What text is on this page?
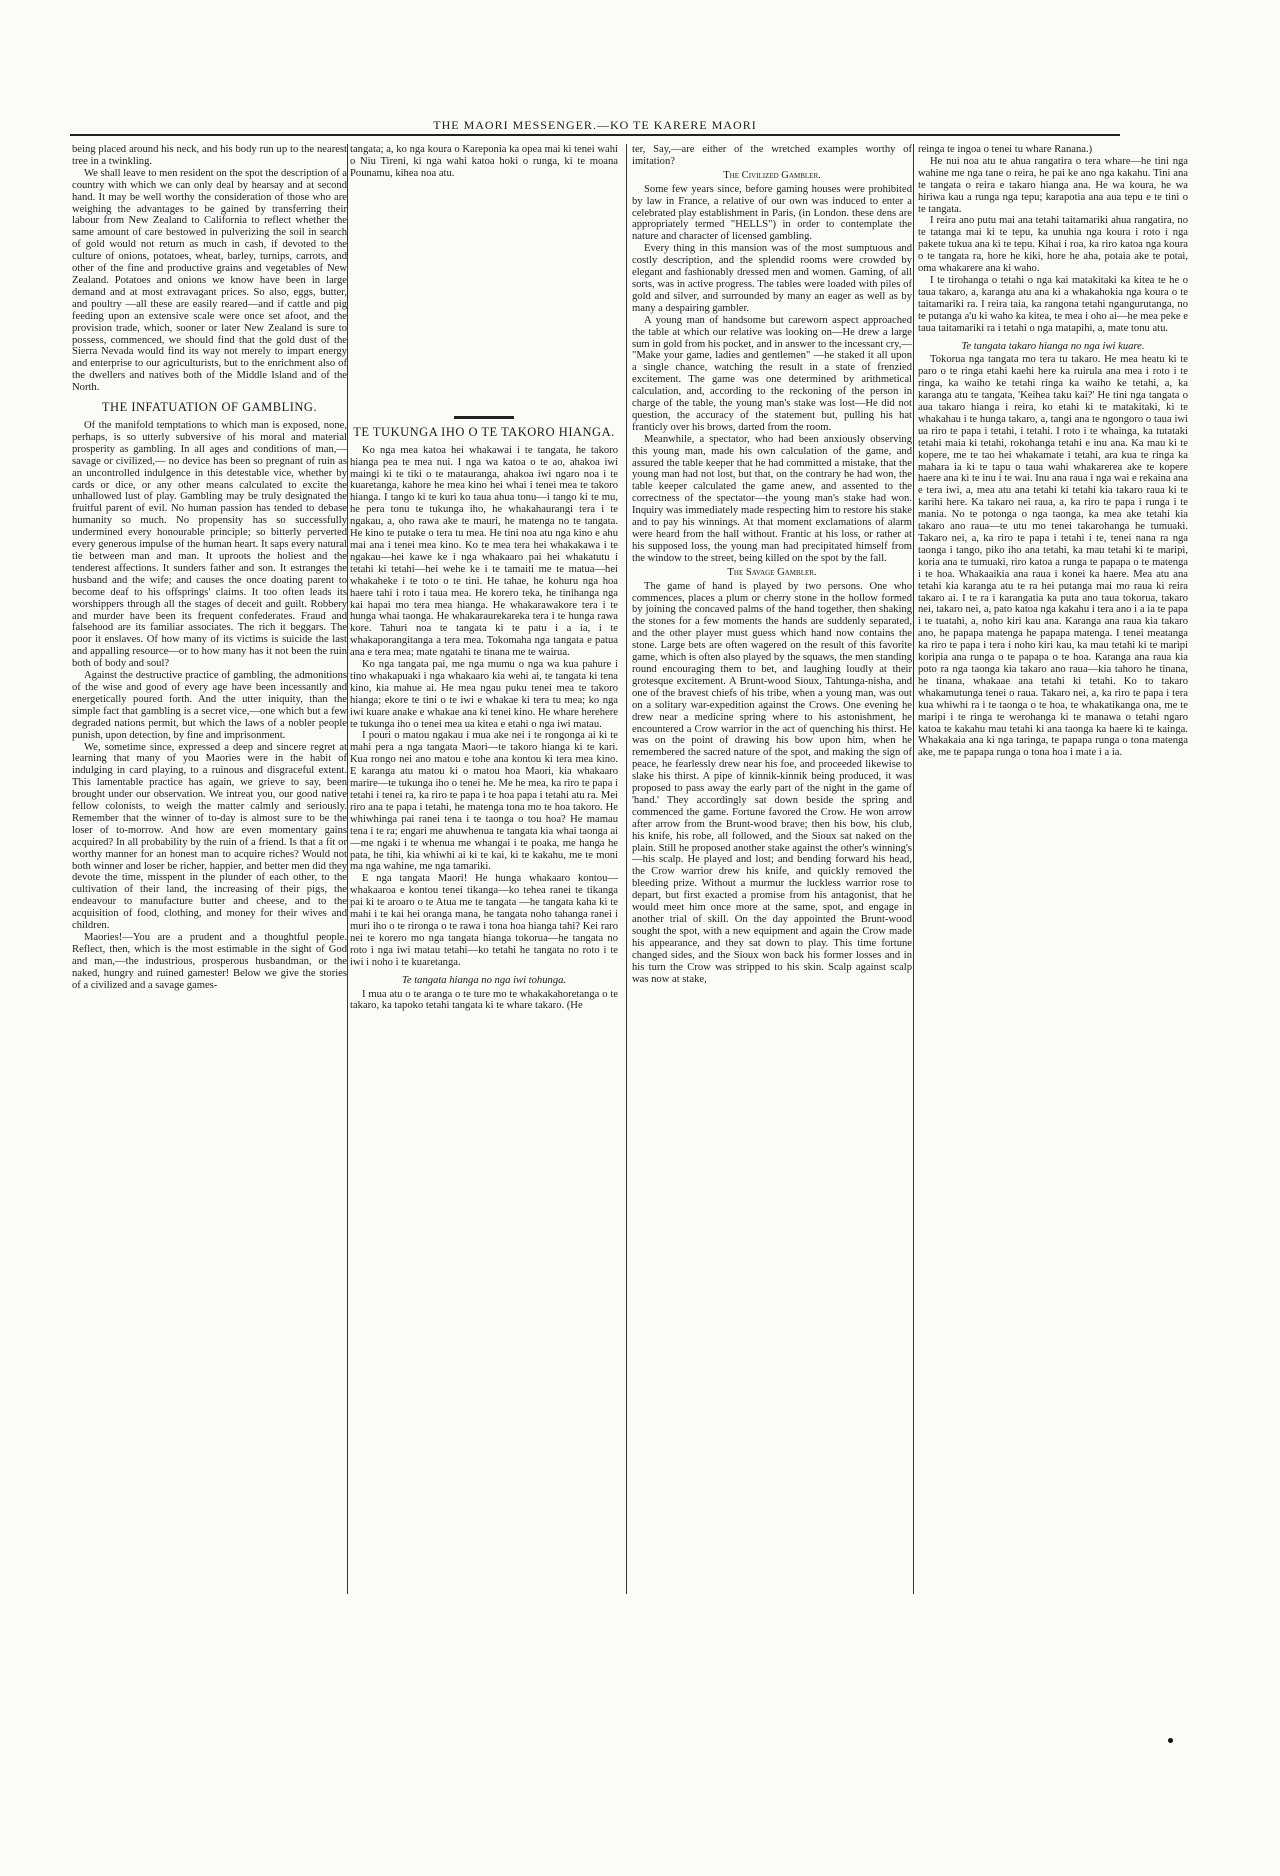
THE MAORI MESSENGER.—KO TE KARERE MAORI

being placed around his neck, and his body run up to the nearest tree in a twinkling.

We shall leave to men resident on the spot the description of a country with which we can only deal by hearsay and at second hand. It may be well worthy the consideration of those who are weighing the advantages to be gained by transferring their labour from New Zealand to California to reflect whether the same amount of care bestowed in pulverizing the soil in search of gold would not return as much in cash, if devoted to the culture of onions, potatoes, wheat, barley, turnips, carrots, and other of the fine and productive grains and vegetables of New Zealand. Potatoes and onions we know have been in large demand and at most extravagant prices. So also, eggs, butter, and poultry —all these are easily reared—and if cattle and pig feeding upon an extensive scale were once set afoot, and the provision trade, which, sooner or later New Zealand is sure to possess, commenced, we should find that the gold dust of the Sierra Nevada would find its way not merely to impart energy and enterprise to our agriculturists, but to the enrichment also of the dwellers and natives both of the Middle Island and of the North.

THE INFATUATION OF GAMBLING.

Of the manifold temptations to which man is exposed, none, perhaps, is so utterly subversive of his moral and material prosperity as gambling. In all ages and conditions of man,—savage or civilized,— no device has been so pregnant of ruin as an uncontrolled indulgence in this detestable vice, whether by cards or dice, or any other means calculated to excite the unhallowed lust of play. Gambling may be truly designated the fruitful parent of evil. No human passion has tended to debase humanity so much. No propensity has so successfully undermined every honourable principle; so bitterly perverted every generous impulse of the human heart. It saps every natural tie between man and man. It uproots the holiest and the tenderest affections. It sunders father and son. It estranges the husband and the wife; and causes the once doating parent to become deaf to his offsprings' claims. It too often leads its worshippers through all the stages of deceit and guilt. Robbery and murder have been its frequent confederates. Fraud and falsehood are its familiar associates. The rich it beggars. The poor it enslaves. Of how many of its victims is suicide the last and appalling resource—or to how many has it not been the ruin both of body and soul?

Against the destructive practice of gambling, the admonitions of the wise and good of every age have been incessantly and energetically poured forth. And the utter iniquity, than the simple fact that gambling is a secret vice,—one which but a few degraded nations permit, but which the laws of a nobler people punish, upon detection, by fine and imprisonment.

We, sometime since, expressed a deep and sincere regret at learning that many of you Maories were in the habit of indulging in card playing, to a ruinous and disgraceful extent. This lamentable practice has again, we grieve to say, been brought under our observation. We intreat you, our good native fellow colonists, to weigh the matter calmly and seriously. Remember that the winner of to-day is almost sure to be the loser of to-morrow. And how are even momentary gains acquired? In all probability by the ruin of a friend. Is that a fit or worthy manner for an honest man to acquire riches? Would not both winner and loser be richer, happier, and better men did they devote the time, misspent in the plunder of each other, to the cultivation of their land, the increasing of their pigs, the endeavour to manufacture butter and cheese, and to the acquisition of food, clothing, and money for their wives and children.

Maories!—You are a prudent and a thoughtful people. Reflect, then, which is the most estimable in the sight of God and man,—the industrious, prosperous husbandman, or the naked, hungry and ruined gamester! Below we give the stories of a civilized and a savage games-

tangata; a, ko nga koura o Kareponia ka opea mai ki tenei wahi o Niu Tireni, ki nga wahi katoa hoki o runga, ki te moana Pounamu, kihea noa atu.

TE TUKUNGA IHO O TE TAKORO HIANGA.

Ko nga mea katoa hei whakawai i te tangata, he takoro hianga pea te mea nui. I nga wa katoa o te ao, ahakoa iwi maingi ki te tiki o te matauranga, ahakoa iwi ngaro noa i te kuaretanga, kahore he mea kino hei whai i tenei mea te takoro hianga. I tango ki te kuri ko taua ahua tonu—i tango ki te mu, he pera tonu te tukunga iho, he whakahaurangi tera i te ngakau, a, oho rawa ake te mauri, he matenga no te tangata. He kino te putake o tera tu mea. He tini noa atu nga kino e ahu mai ana i tenei mea kino. Ko te mea tera hei whakakawa i te ngakau—hei kawe ke i nga whakaaro pai hei whakatutu i tetahi ki tetahi—hei wehe ke i te tamaiti me te matua—hei whakaheke i te toto o te tini. He tahae, he kohuru nga hoa haere tahi i roto i taua mea. He korero teka, he tinihanga nga kai hapai mo tera mea hianga. He whakarawakore tera i te hunga whai taonga. He whakaraurekareka tera i te hunga rawa kore. Tahuri noa te tangata ki te patu i a ia, i te whakaporangitanga a tera mea. Tokomaha nga tangata e patua ana e tera mea; mate ngatahi te tinana me te wairua.

Ko nga tangata pai, me nga mumu o nga wa kua pahure i tino whakapuaki i nga whakaaro kia wehi ai, te tangata ki tena kino, kia mahue ai. He mea ngau puku tenei mea te takoro hianga; ekore te tini o te iwi e whakae ki tera tu mea; ko nga iwi kuare anake e whakae ana ki tenei kino. He whare herehere te tukunga iho o tenei mea ua kitea e etahi o nga iwi matau.

I pouri o matou ngakau i mua ake nei i te rongonga ai ki te mahi pera a nga tangata Maori—te takoro hianga ki te kari. Kua rongo nei ano matou e tohe ana kontou ki tera mea kino. E karanga atu matou ki o matou hoa Maori, kia whakaaro marire—te tukunga iho o tenei he. Me he mea, ka riro te papa i tetahi i tenei ra, ka riro te papa i te hoa papa i tetahi atu ra. Mei riro ana te papa i tetahi, he matenga tona mo te hoa takoro. He whiwhinga pai ranei tena i te taonga o tou hoa? He mamau tena i te ra; engari me ahuwhenua te tangata kia whai taonga ai—me ngaki i te whenua me whangai i te poaka, me hanga he pata, he tihi, kia whiwhi ai ki te kai, ki te kakahu, me te moni ma nga wahine, me nga tamariki.

E nga tangata Maori! He hunga whakaaro kontou—whakaaroa e kontou tenei tikanga—ko tehea ranei te tikanga pai ki te aroaro o te Atua me te tangata —he tangata kaha ki te mahi i te kai hei oranga mana, he tangata noho tahanga ranei i muri iho o te rironga o te rawa i tona hoa hianga tahi? Kei raro nei te korero mo nga tangata hianga tokorua—he tangata no roto i nga iwi matau tetahi—ko tetahi he tangata no roto i te iwi i noho i te kuaretanga.

Te tangata hianga no nga iwi tohunga.

I mua atu o te aranga o te ture mo te whakakahoretanga o te takaro, ka tapoko tetahi tangata ki te whare takaro. (He

ter, Say,—are either of the wretched examples worthy of imitation?

The Civilized Gambler.

Some few years since, before gaming houses were prohibited by law in France, a relative of our own was induced to enter a celebrated play establishment in Paris, (in London. these dens are appropriately termed "HELLS") in order to contemplate the nature and character of licensed gambling.

Every thing in this mansion was of the most sumptuous and costly description, and the splendid rooms were crowded by elegant and fashionably dressed men and women. Gaming, of all sorts, was in active progress. The tables were loaded with piles of gold and silver, and surrounded by many an eager as well as by many a despairing gambler.

A young man of handsome but careworn aspect approached the table at which our relative was looking on—He drew a large sum in gold from his pocket, and in answer to the incessant cry,— "Make your game, ladies and gentlemen" —he staked it all upon a single chance, watching the result in a state of frenzied excitement. The game was one determined by arithmetical calculation, and, according to the reckoning of the person in charge of the table, the young man's stake was lost—He did not question, the accuracy of the statement but, pulling his hat franticly over his brows, darted from the room.

Meanwhile, a spectator, who had been anxiously observing this young man, made his own calculation of the game, and assured the table keeper that he had committed a mistake, that the young man had not lost, but that, on the contrary he had won, the table keeper calculated the game anew, and assented to the correctness of the spectator—the young man's stake had won. Inquiry was immediately made respecting him to restore his stake and to pay his winnings. At that moment exclamations of alarm were heard from the hall without. Frantic at his loss, or rather at his supposed loss, the young man had precipitated himself from the window to the street, being killed on the spot by the fall.

The Savage Gambler.

The game of hand is played by two persons. One who commences, places a plum or cherry stone in the hollow formed by joining the concaved palms of the hand together, then shaking the stones for a few moments the hands are suddenly separated, and the other player must guess which hand now contains the stone. Large bets are often wagered on the result of this favorite game, which is often also played by the squaws, the men standing round encouraging them to bet, and laughing loudly at their grotesque excitement. A Brunt-wood Sioux, Tahtunga-nisha, and one of the bravest chiefs of his tribe, when a young man, was out on a solitary war-expedition against the Crows. One evening he drew near a medicine spring where to his astonishment, he encountered a Crow warrior in the act of quenching his thirst. He was on the point of drawing his bow upon him, when he remembered the sacred nature of the spot, and making the sign of peace, he fearlessly drew near his foe, and proceeded likewise to slake his thirst. A pipe of kinnik-kinnik being produced, it was proposed to pass away the early part of the night in the game of 'hand.' They accordingly sat down beside the spring and commenced the game. Fortune favored the Crow. He won arrow after arrow from the Brunt-wood brave; then his bow, his club, his knife, his robe, all followed, and the Sioux sat naked on the plain. Still he proposed another stake against the other's winning's—his scalp. He played and lost; and bending forward his head, the Crow warrior drew his knife, and quickly removed the bleeding prize. Without a murmur the luckless warrior rose to depart, but first exacted a promise from his antagonist, that he would meet him once more at the same, spot, and engage in another trial of skill. On the day appointed the Brunt-wood sought the spot, with a new equipment and again the Crow made his appearance, and they sat down to play. This time fortune changed sides, and the Sioux won back his former losses and in his turn the Crow was stripped to his skin. Scalp against scalp was now at stake,

reinga te ingoa o tenei tu whare Ranana.)

He nui noa atu te ahua rangatira o tera whare—he tini nga wahine me nga tane o reira, he pai ke ano nga kakahu. Tini ana te tangata o reira e takaro hianga ana. He wa koura, he wa hiriwa kau a runga nga tepu; karapotia ana aua tepu e te tini o te tangata.

I reira ano putu mai ana tetahi taitamariki ahua rangatira, no te tatanga mai ki te tepu, ka unuhia nga koura i roto i nga pakete tukua ana ki te tepu. Kihai i roa, ka riro katoa nga koura o te tangata ra, hore he kiki, hore he aha, potaia ake te potai, oma whakarere ana ki waho.

I te tirohanga o tetahi o nga kai matakitaki ka kitea te he o taua takaro, a, karanga atu ana ki a whakahokia nga koura o te taitamariki ra. I reira taia, ka rangona tetahi ngangurutanga, no te putanga a'u ki waho ka kitea, te mea i oho ai—he mea peke e taua taitamariki ra i tetahi o nga matapihi, a, mate tonu atu.

Te tangata takaro hianga no nga iwi kuare.

Tokorua nga tangata mo tera tu takaro. He mea heatu ki te paro o te ringa etahi kaehi here ka ruirula ana mea i roto i te ringa, ka waiho ke tetahi ringa ka waiho ke tetahi, a, ka karanga atu te tangata, 'Keihea taku kai?' He tini nga tangata o aua takaro hianga i reira, ko etahi ki te matakitaki, ki te whakahau i te hunga takaro, a, tangi ana te ngongoro o taua iwi ua riro te papa i tetahi, i tetahi. I roto i te whainga, ka tutataki tetahi maia ki tetahi, rokohanga tetahi e inu ana. Ka mau ki te kopere, me te tao hei whakamate i tetahi, ara kua te ringa ka mahara ia ki te tapu o taua wahi whakarerea ake te kopere haere ana ki te inu i te wai. Inu ana raua i nga wai e rekaina ana e tera iwi, a, mea atu ana tetahi ki tetahi kia takaro raua ki te karihi here. Ka takaro nei raua, a, ka riro te papa i runga i te mania. No te potonga o nga taonga, ka mea ake tetahi kia takaro ano raua—te utu mo tenei takarohanga he tumuaki. Takaro nei, a, ka riro te papa i tetahi i te, tenei nana ra nga taonga i tango, piko iho ana tetahi, ka mau tetahi ki te maripi, koria ana te tumuaki, riro katoa a runga te papapa o te matenga i te hoa. Whakaaikia ana raua i konei ka haere. Mea atu ana tetahi kia karanga atu te ra hei putanga mai mo raua ki reira takaro ai. I te ra i karangatia ka puta ano taua tokorua, takaro nei, takaro nei, a, pato katoa nga kakahu i tera ano i a ia te papa i te tuatahi, a, noho kiri kau ana. Karanga ana raua kia takaro ano, he papapa matenga he papapa matenga. I tenei meatanga ka riro te papa i tera i noho kiri kau, ka mau tetahi ki te maripi koripia ana runga o te papapa o te hoa. Karanga ana raua kia poto ra nga taonga kia takaro ano raua—kia tahoro he tinana, he tinana, whakaae ana tetahi ki tetahi. Ko to takaro whakamutunga tenei o raua. Takaro nei, a, ka riro te papa i tera kua whiwhi ra i te taonga o te hoa, te whakatikanga ona, me te maripi i te ringa te werohanga ki te manawa o tetahi ngaro katoa te kakahu mau tetahi ki ana taonga ka haere ki te kainga. Whakakaia ana ki nga taringa, te papapa runga o tona matenga ake, me te papapa runga o tona hoa i mate i a ia.
